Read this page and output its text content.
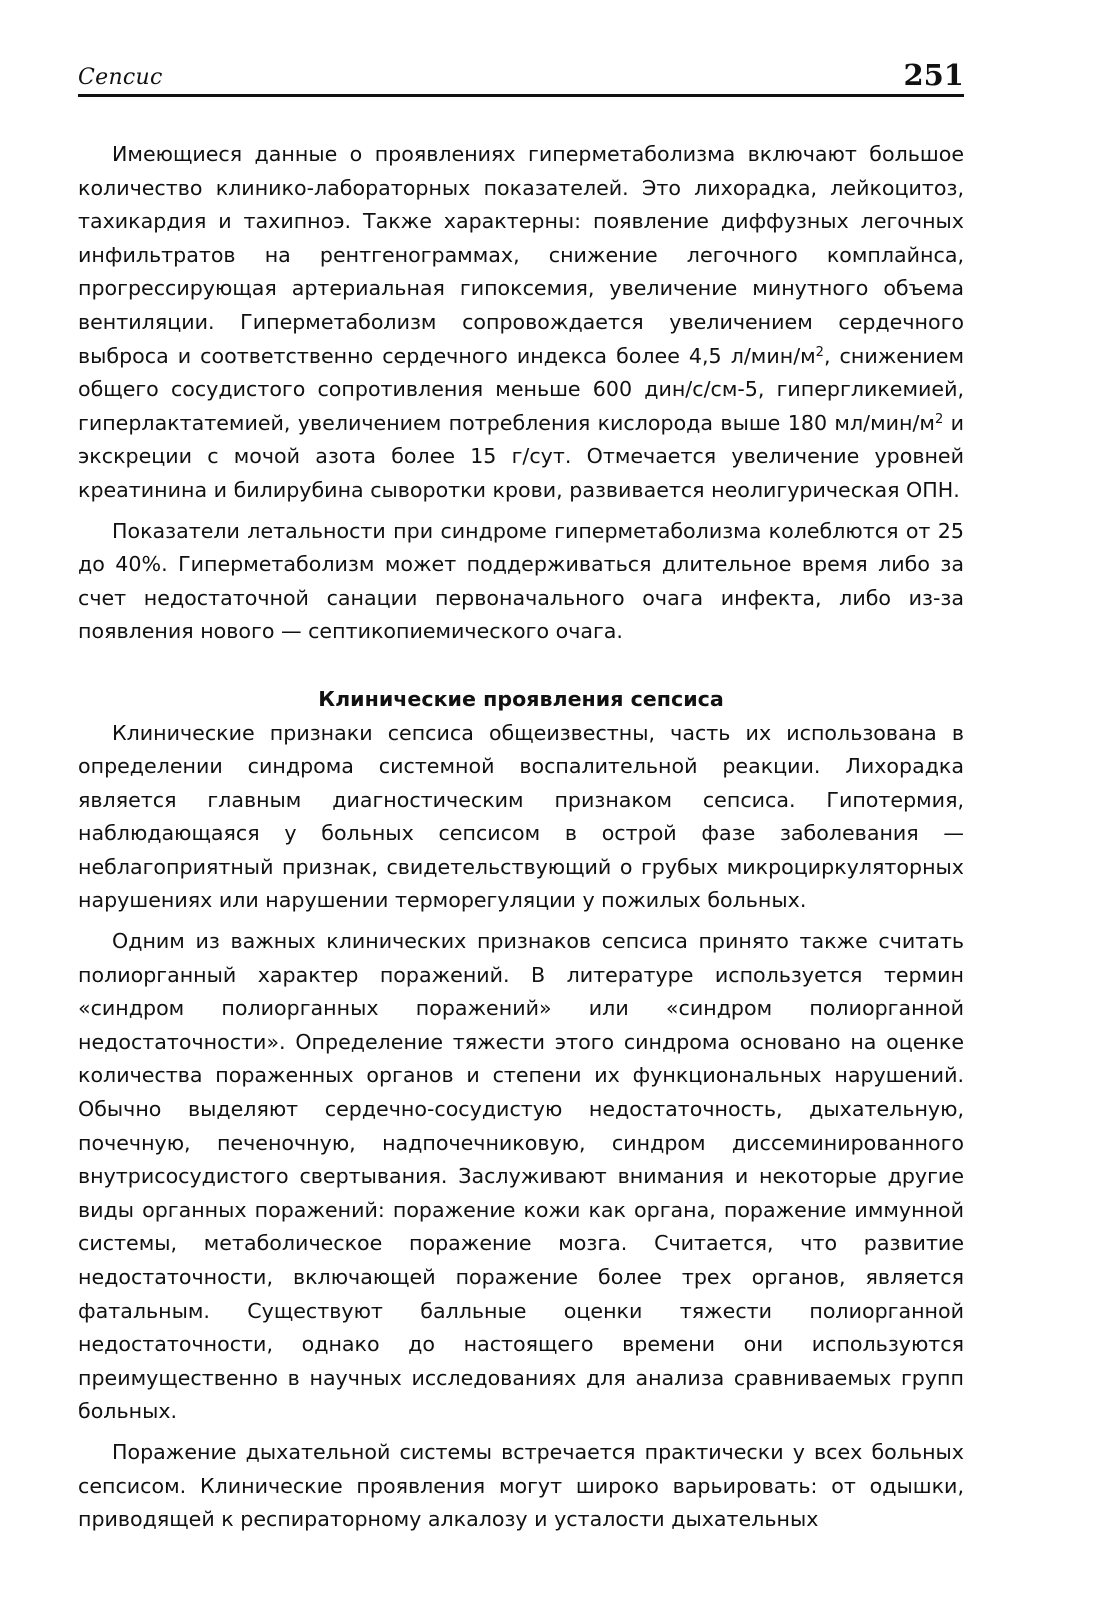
Сепсис	251

Имеющиеся данные о проявлениях гиперметаболизма включают большое количество клинико-лабораторных показателей. Это лихорадка, лейкоцитоз, тахикардия и тахипноэ. Также характерны: появление диффузных легочных инфильтратов на рентгенограммах, снижение легочного комплайнса, прогрессирующая артериальная гипоксемия, увеличение минутного объема вентиляции. Гиперметаболизм сопровождается увеличением сердечного выброса и соответственно сердечного индекса более 4,5 $л/мин/м^2$, снижением общего сосудистого сопротивления меньше 600 дин/с/см-5, гипергликемией, гиперлактатемией, увеличением потребления кислорода выше 180 $мл/мин/м^2$ и экскреции с мочой азота более 15 г/сут. Отмечается увеличение уровней креатинина и билирубина сыворотки крови, развивается неолигурическая ОПН.

Показатели летальности при синдроме гиперметаболизма колеблются от 25 до 40%. Гиперметаболизм может поддерживаться длительное время либо за счет недостаточной санации первоначального очага инфекта, либо из-за появления нового — септикопиемического очага.

Клинические проявления сепсиса

Клинические признаки сепсиса общеизвестны, часть их использована в определении синдрома системной воспалительной реакции. Лихорадка является главным диагностическим признаком сепсиса. Гипотермия, наблюдающаяся у больных сепсисом в острой фазе заболевания — неблагоприятный признак, свидетельствующий о грубых микроциркуляторных нарушениях или нарушении терморегуляции у пожилых больных.

Одним из важных клинических признаков сепсиса принято также считать полиорганный характер поражений. В литературе используется термин «синдром полиорганных поражений» или «синдром полиорганной недостаточности». Определение тяжести этого синдрома основано на оценке количества пораженных органов и степени их функциональных нарушений. Обычно выделяют сердечно-сосудистую недостаточность, дыхательную, почечную, печеночную, надпочечниковую, синдром диссеминированного внутрисосудистого свертывания. Заслуживают внимания и некоторые другие виды органных поражений: поражение кожи как органа, поражение иммунной системы, метаболическое поражение мозга. Считается, что развитие недостаточности, включающей поражение более трех органов, является фатальным. Существуют балльные оценки тяжести полиорганной недостаточности, однако до настоящего времени они используются преимущественно в научных исследованиях для анализа сравниваемых групп больных.

Поражение дыхательной системы встречается практически у всех больных сепсисом. Клинические проявления могут широко варьировать: от одышки, приводящей к респираторному алкалозу и усталости дыхательных
